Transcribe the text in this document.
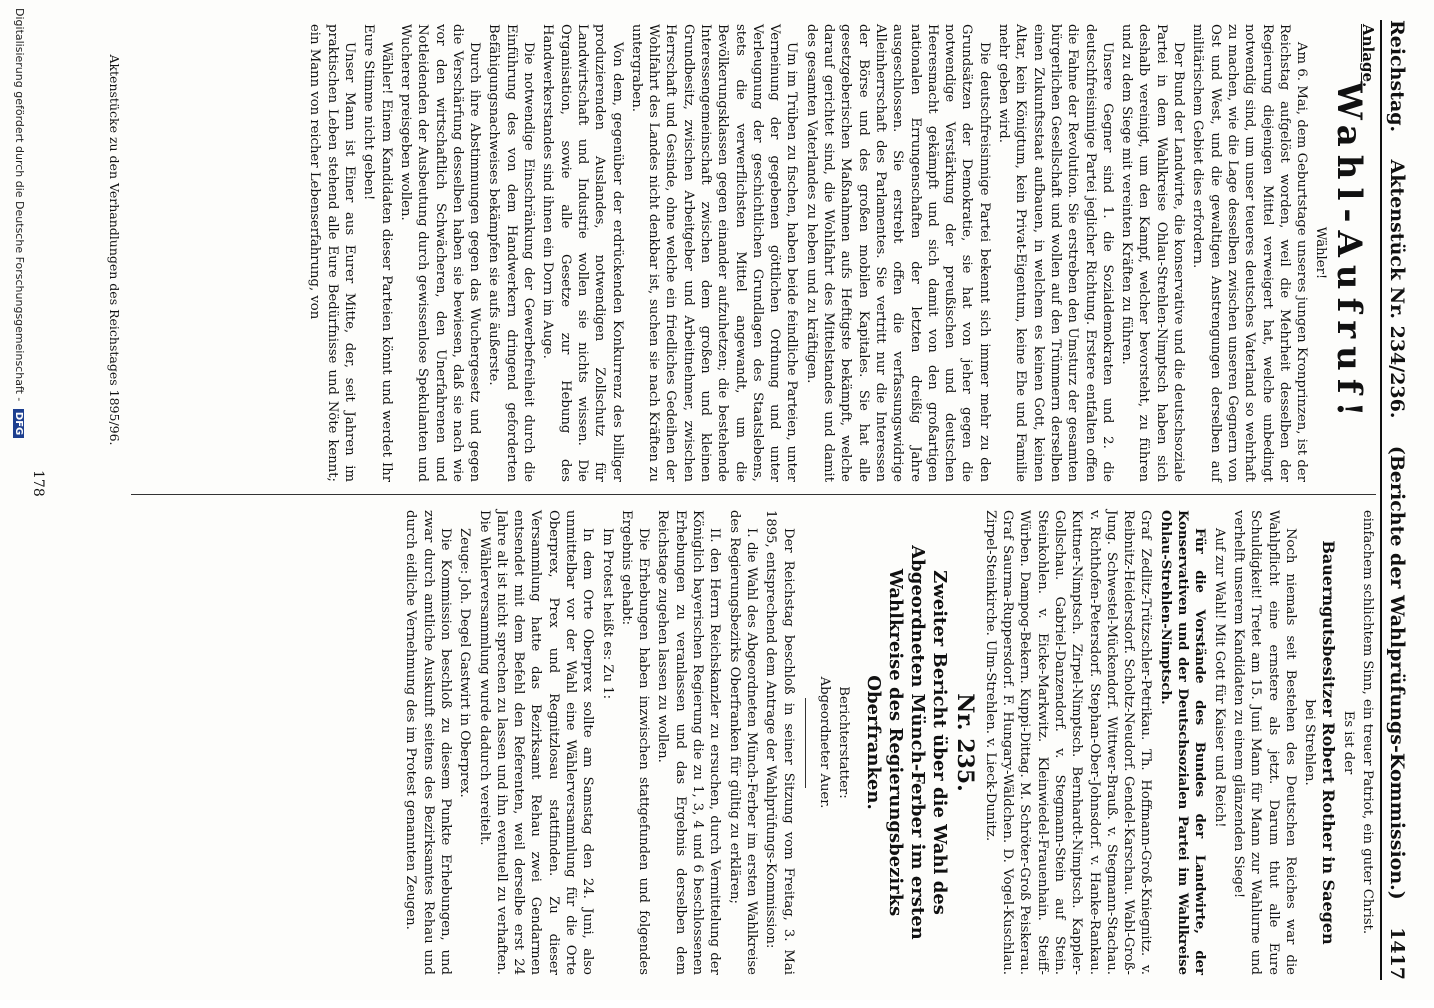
Reichstag.
Aktenstück Nr. 234/236.
(Berichte der Wahlprüfungs-Kommission.)
1417

Anlage.

Wahl-Aufruf!

Wähler!

Am 6. Mai, dem Geburtstage unseres jungen Kronprinzen, ist der Reichstag aufgelöst worden, weil die Mehrheit desselben der Regierung diejenigen Mittel verweigert hat, welche unbedingt notwendig sind, um unser teueres deutsches Vaterland so wehrhaft zu machen, wie die Lage desselben zwischen unseren Gegnern von Ost und West, und die gewaltigen Anstrengungen derselben auf militärischem Gebiet dies erfordern.

Der Bund der Landwirte, die konservative und die deutschsoziale Partei in dem Wahlkreise Ohlau-Strehlen-Nimptsch haben sich deshalb vereinigt, um den Kampf, welcher bevorsteht, zu führen und zu dem Siege mit vereinten Kräften zu führen.

Unsere Gegner sind 1. die Sozialdemokraten und 2. die deutschfreisinnige Partei jeglicher Richtung. Erstere entfalten offen die Fahne der Revolution. Sie erstreben den Umsturz der gesamten bürgerlichen Gesellschaft und wollen auf den Trümmern derselben einen Zukunftsstaat aufbauen, in welchem es keinen Gott, keinen Altar, kein Königtum, kein Privat-Eigentum, keine Ehe und Familie mehr geben wird.

Die deutschfreisinnige Partei bekennt sich immer mehr zu den Grundsätzen der Demokratie, sie hat von jeher gegen die notwendige Verstärkung der preußischen und deutschen Heeresmacht gekämpft und sich damit von den großartigen nationalen Errungenschaften der letzten dreißig Jahre ausgeschlossen. Sie erstrebt offen die verfassungswidrige Alleinherrschaft des Parlamentes. Sie vertritt nur die Interessen der Börse und des großen mobilen Kapitales. Sie hat alle gesetzgeberischen Maßnahmen aufs Heftigste bekämpft, welche darauf gerichtet sind, die Wohlfahrt des Mittelstandes und damit des gesamten Vaterlandes zu heben und zu kräftigen.

Um im Trüben zu fischen, haben beide feindliche Parteien, unter Verneinung der gegebenen göttlichen Ordnung und unter Verleugnung der geschichtlichen Grundlagen des Staatslebens, stets die verwerflichsten Mittel angewandt, um die Bevölkerungsklassen gegen einander aufzuhetzen; die bestehende Interessengemeinschaft zwischen dem großen und kleinen Grundbesitz, zwischen Arbeitgeber und Arbeitnehmer, zwischen Herrschaft und Gesinde, ohne welche ein friedliches Gedeihen der Wohlfahrt des Landes nicht denkbar ist, suchen sie nach Kräften zu untergraben.

Von dem, gegenüber der erdrückenden Konkurrenz des billiger produzierenden Auslandes, notwendigen Zollschutz für Landwirtschaft und Industrie wollen sie nichts wissen. Die Organisation, sowie alle Gesetze zur Hebung des Handwerkerstandes sind ihnen ein Dorn im Auge.

Die notwendige Einschränkung der Gewerbefreiheit durch die Einführung des von dem Handwerkern dringend geforderten Befähigungsnachweises bekämpfen sie aufs äußerste.

Durch ihre Abstimmungen gegen das Wuchergesetz und gegen die Verschärfung desselben haben sie bewiesen, daß sie nach wie vor den wirtschaftlich Schwächeren, den Unerfahrenen und Notleidenden der Ausbeutung durch gewissenlose Spekulanten und Wucherer preisgeben wollen.

Wähler! Einem Kandidaten dieser Parteien könnt und werdet Ihr Eure Stimme nicht geben!

Unser Mann ist Einer aus Eurer Mitte, der, seit Jahren im praktischen Leben stehend alle Eure Bedürfnisse und Nöte kennt; ein Mann von reicher Lebenserfahrung, von

einfachem schlichtem Sinn, ein treuer Patriot, ein guter Christ.

Es ist der

Bauerngutsbesitzer Robert Rother in Saegen

bei Strehlen.

Noch niemals seit Bestehen des Deutschen Reiches war die Wahlpflicht eine ernstere als jetzt. Darum thut alle Eure Schuldigkeit! Tretet am 15. Juni Mann für Mann zur Wahlurne und verhelft unserem Kandidaten zu einem glänzenden Siege!

Auf zur Wahl! Mit Gott für Kaiser und Reich!

Für die Vorstände des Bundes der Landwirte, der Konservativen und der Deutschsozialen Partei im Wahlkreise Ohlau-Strehlen-Nimptsch.

Graf Zedlitz-Trützschler-Petrikau. Th. Hoffmann-Groß-Kniegnitz. v. Reibnitz-Heidersdorf. Scholtz-Neudorf. Gendel-Karschau. Wabl-Groß-Jung. Schwestel-Mückendorf. Wittwer-Brauß. v. Stegmann-Stachau. v. Richthofen-Petersdorf. Stephan-Ober-Johnsdorf. v. Hanke-Rankau. Kuttner-Nimptsch. Zirpel-Nimptsch. Bernhardt-Nimptsch. Kappler-Gollschau. Gabriel-Danzendorf. v. Stegmann-Stein auf Stein. Steinkohlen. v. Eicke-Markwitz. Kleinwiedel-Frauenhain. Steiff-Würben. Dampog-Bekern. Kuppi-Dittag. M. Schröter-Groß Peiskerau. Graf Saurma-Ruppersdorf. F. Hungary-Wäldchen. D. Vogel-Kuschlau. Zirpel-Steinkirche. Ulm-Strehlen. v. Lieck-Dunitz.

Nr. 235.
Zweiter Bericht über die Wahl des Abgeordneten Münch-Ferber im ersten Wahlkreise des Regierungsbezirks Oberfranken.

Berichterstatter:

Abgeordneter Auer.

Der Reichstag beschloß in seiner Sitzung vom Freitag, 3. Mai 1895, entsprechend dem Antrage der Wahlprüfungs-Kommission:

I. die Wahl des Abgeordneten Münch-Ferber im ersten Wahlkreise des Regierungsbezirks Oberfranken für gültig zu erklären;

II. den Herrn Reichskanzler zu ersuchen, durch Vermittelung der Königlich bayerischen Regierung die zu 1, 3, 4 und 6 beschlossenen Erhebungen zu veranlassen und das Ergebnis derselben dem Reichstage zugehen lassen zu wollen.

Die Erhebungen haben inzwischen stattgefunden und folgendes Ergebnis gehabt:

Im Protest heißt es: Zu 1:

In dem Orte Oberprex sollte am Samstag den 24. Juni, also unmittelbar vor der Wahl eine Wählerversammlung für die Orte Oberprex, Prex und Regnitzlosau stattfinden. Zu dieser Versammlung hatte das Bezirksamt Rehau zwei Gendarmen entsendet mit dem Befehl den Referenten, weil derselbe erst 24 Jahre alt ist nicht sprechen zu lassen und ihn eventuell zu verhaften. Die Wählerversammlung wurde dadurch vereitelt.

Zeuge: Joh. Degel Gastwirt in Oberprex.

Die Kommission beschloß zu diesem Punkte Erhebungen, und zwar durch amtliche Auskunft seitens des Bezirksamtes Rehau und durch eidliche Vernehmung des im Protest genannten Zeugen.

Aktenstücke zu den Verhandlungen des Reichstages 1895/96.
178
Digitalisierung gefördert durch die Deutsche Forschungsgemeinschaft - DFG
